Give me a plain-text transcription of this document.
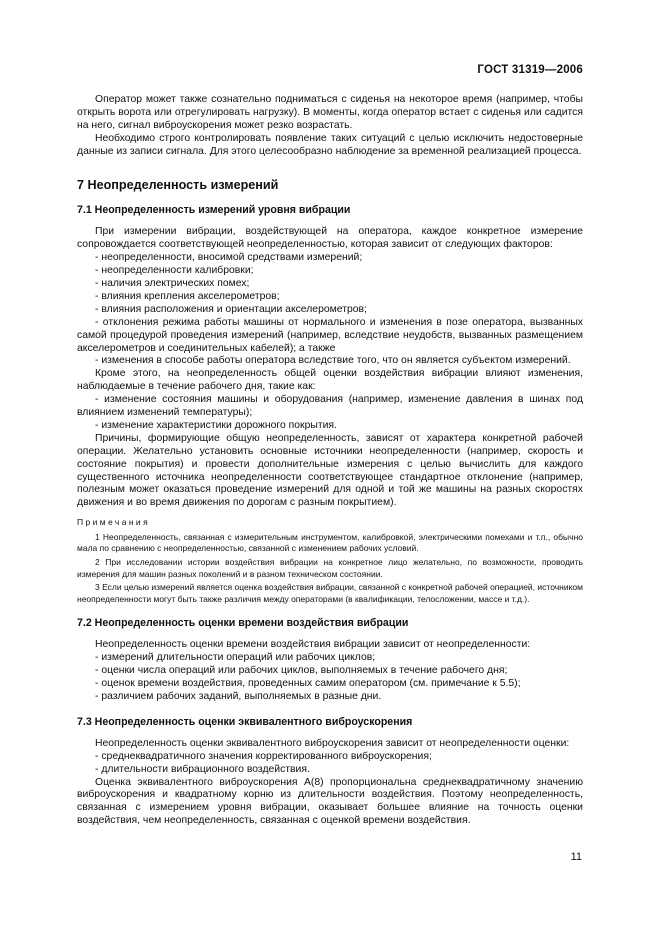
ГОСТ 31319—2006

Оператор может также сознательно подниматься с сиденья на некоторое время (например, чтобы открыть ворота или отрегулировать нагрузку). В моменты, когда оператор встает с сиденья или садится на него, сигнал виброускорения может резко возрастать.

Необходимо строго контролировать появление таких ситуаций с целью исключить недостоверные данные из записи сигнала. Для этого целесообразно наблюдение за временной реализацией процесса.

7 Неопределенность измерений
7.1 Неопределенность измерений уровня вибрации

При измерении вибрации, воздействующей на оператора, каждое конкретное измерение сопровождается соответствующей неопределенностью, которая зависит от следующих факторов:

- неопределенности, вносимой средствами измерений;

- неопределенности калибровки;

- наличия электрических помех;

- влияния крепления акселерометров;

- влияния расположения и ориентации акселерометров;

- отклонения режима работы машины от нормального и изменения в позе оператора, вызванных самой процедурой проведения измерений (например, вследствие неудобств, вызванных размещением акселерометров и соединительных кабелей); а также

- изменения в способе работы оператора вследствие того, что он является субъектом измерений.

Кроме этого, на неопределенность общей оценки воздействия вибрации влияют изменения, наблюдаемые в течение рабочего дня, такие как:

- изменение состояния машины и оборудования (например, изменение давления в шинах под влиянием изменений температуры);

- изменение характеристики дорожного покрытия.

Причины, формирующие общую неопределенность, зависят от характера конкретной рабочей операции. Желательно установить основные источники неопределенности (например, скорость и состояние покрытия) и провести дополнительные измерения с целью вычислить для каждого существенного источника неопределенности соответствующее стандартное отклонение (например, полезным может оказаться проведение измерений для одной и той же машины на разных скоростях движения и во время движения по дорогам с разным покрытием).

Примечания

1 Неопределенность, связанная с измерительным инструментом, калибровкой, электрическими помехами и т.п., обычно мала по сравнению с неопределенностью, связанной с изменением рабочих условий.

2 При исследовании истории воздействия вибрации на конкретное лицо желательно, по возможности, проводить измерения для машин разных поколений и в разном техническом состоянии.

3 Если целью измерений является оценка воздействия вибрации, связанной с конкретной рабочей операцией, источником неопределенности могут быть также различия между операторами (в квалификации, телосложении, массе и т.д.).

7.2 Неопределенность оценки времени воздействия вибрации

Неопределенность оценки времени воздействия вибрации зависит от неопределенности:

- измерений длительности операций или рабочих циклов;

- оценки числа операций или рабочих циклов, выполняемых в течение рабочего дня;

- оценок времени воздействия, проведенных самим оператором (см. примечание к 5.5);

- различием рабочих заданий, выполняемых в разные дни.

7.3 Неопределенность оценки эквивалентного виброускорения

Неопределенность оценки эквивалентного виброускорения зависит от неопределенности оценки:

- среднеквадратичного значения корректированного виброускорения;

- длительности вибрационного воздействия.

Оценка эквивалентного виброускорения А(8) пропорциональна среднеквадратичному значению виброускорения и квадратному корню из длительности воздействия. Поэтому неопределенность, связанная с измерением уровня вибрации, оказывает большее влияние на точность оценки воздействия, чем неопределенность, связанная с оценкой времени воздействия.

11
